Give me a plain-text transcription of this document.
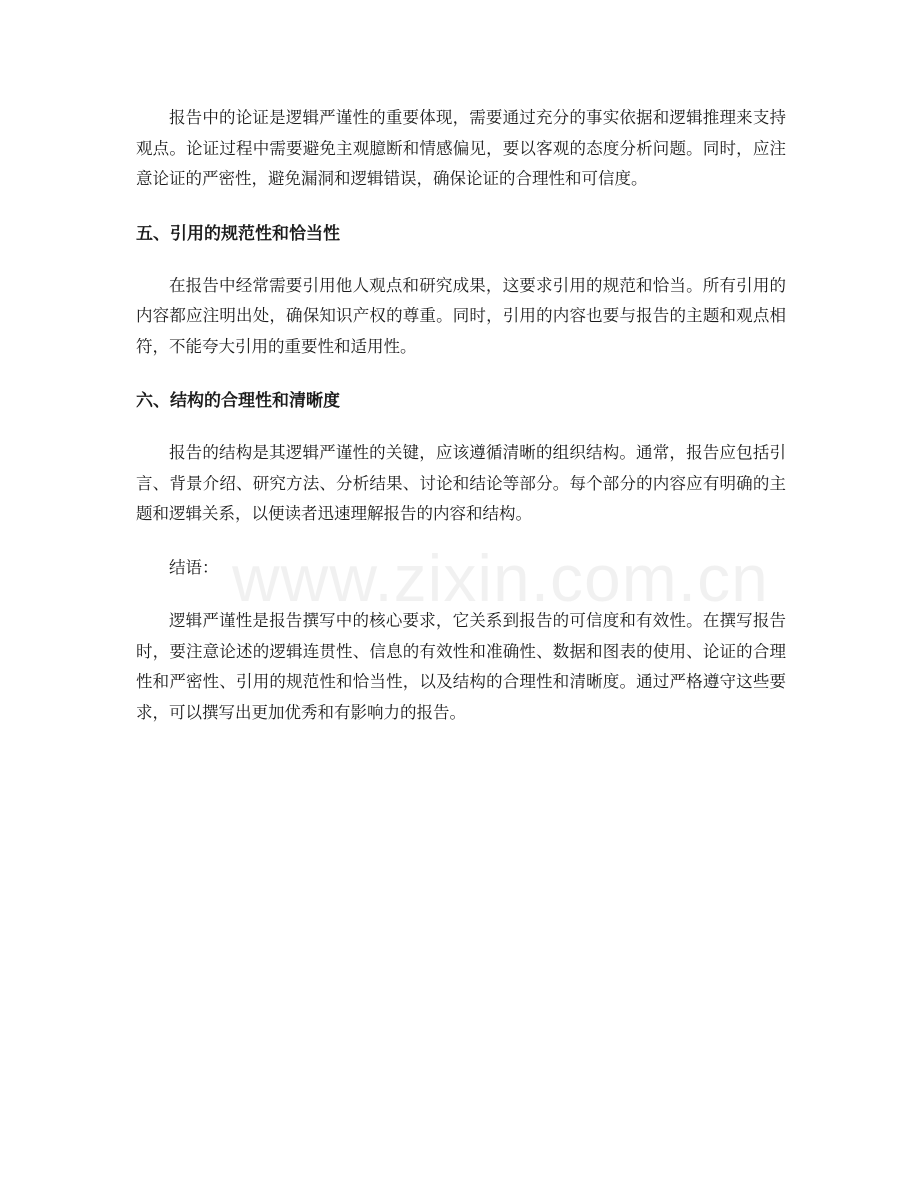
www.zixin.com.cn

报告中的论证是逻辑严谨性的重要体现，需要通过充分的事实依据和逻辑推理来支持观点。论证过程中需要避免主观臆断和情感偏见，要以客观的态度分析问题。同时，应注意论证的严密性，避免漏洞和逻辑错误，确保论证的合理性和可信度。

五、引用的规范性和恰当性

在报告中经常需要引用他人观点和研究成果，这要求引用的规范和恰当。所有引用的内容都应注明出处，确保知识产权的尊重。同时，引用的内容也要与报告的主题和观点相符，不能夸大引用的重要性和适用性。

六、结构的合理性和清晰度

报告的结构是其逻辑严谨性的关键，应该遵循清晰的组织结构。通常，报告应包括引言、背景介绍、研究方法、分析结果、讨论和结论等部分。每个部分的内容应有明确的主题和逻辑关系，以便读者迅速理解报告的内容和结构。

结语：

逻辑严谨性是报告撰写中的核心要求，它关系到报告的可信度和有效性。在撰写报告时，要注意论述的逻辑连贯性、信息的有效性和准确性、数据和图表的使用、论证的合理性和严密性、引用的规范性和恰当性，以及结构的合理性和清晰度。通过严格遵守这些要求，可以撰写出更加优秀和有影响力的报告。
